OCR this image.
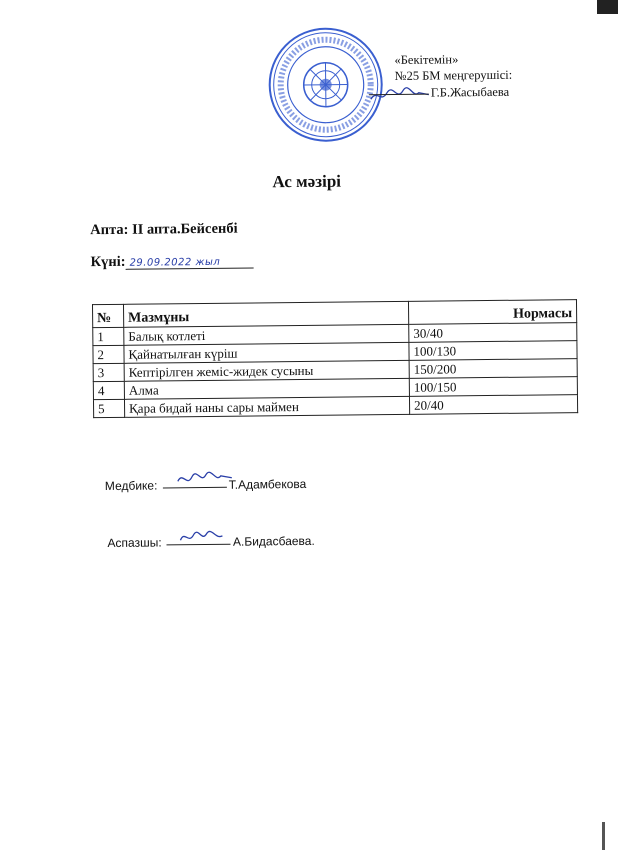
«Бекітемін»
№25 БМ меңгерушісі:
Г.Б.Жасыбаева
Ас мәзірі
Апта: II апта.Бейсенбі
Күні: 29.09.2022 жыл
№	Мазмұны	Нормасы
1	Балық котлеті	30/40
2	Қайнатылған күріш	100/130
3	Кептірілген жеміс-жидек сусыны	150/200
4	Алма	100/150
5	Қара бидай наны сары маймен	20/40
Медбике:	Т.Адамбекова
Аспазшы:	А.Бидасбаева.
